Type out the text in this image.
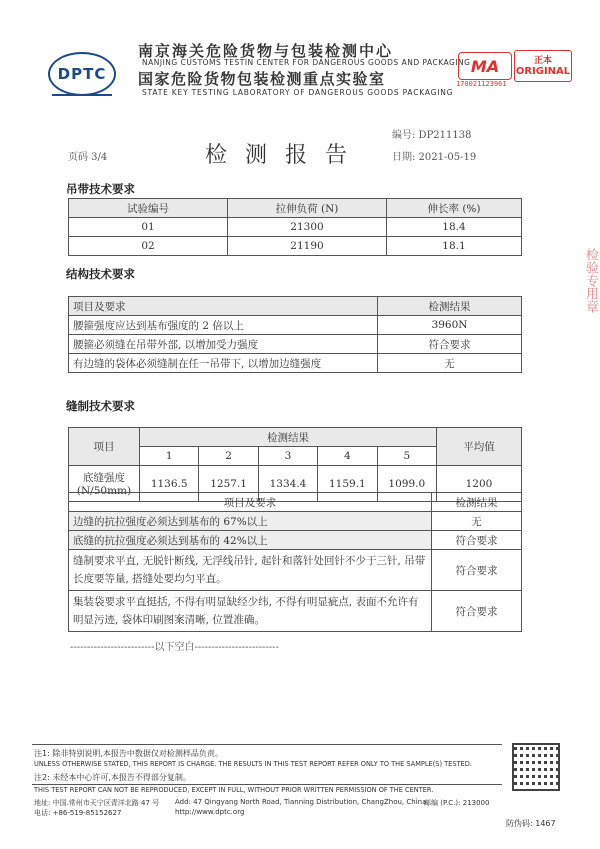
DPTC
南京海关危险货物与包装检测中心
NANJING CUSTOMS TESTIN CENTER FOR DANGEROUS GOODS AND PACKAGING
国家危险货物包装检测重点实验室
STATE KEY TESTING LABORATORY OF DANGEROUS GOODS PACKAGING
MA
170021123961
正本
ORIGINAL
编号: DP211138
页码 3/4	检测报告	日期: 2021-05-19
吊带技术要求
试验编号	拉伸负荷 (N)	伸长率 (%)
01	21300	18.4
02	21190	18.1
结构技术要求
项目及要求	检测结果
腰箍强度应达到基布强度的 2 倍以上	3960N
腰箍必须缝在吊带外部, 以增加受力强度	符合要求
有边缝的袋体必须缝制在任一吊带下, 以增加边缝强度	无
缝制技术要求
项目	检测结果					平均值
	1	2	3	4	5	

底缝强度
(N/50mm)	1136.5	1257.1	1334.4	1159.1	1099.0	1200
项目及要求	检测结果
边缝的抗拉强度必须达到基布的 67%以上	无
底缝的抗拉强度必须达到基布的 42%以上	符合要求
缝制要求平直, 无脱针断线, 无浮线吊针, 起针和落针处回针不少于三针, 吊带长度要等量, 搭缝处要均匀平直。	符合要求
集装袋要求平直挺括, 不得有明显缺经少纬, 不得有明显疵点, 表面不允许有明显污迹, 袋体印刷图案清晰, 位置准确。	符合要求
-------------------------以下空白-------------------------
检验专用章
注1: 除非特别说明,本报告中数据仅对检测样品负责。
UNLESS OTHERWISE STATED, THIS REPORT IS CHARGE. THE RESULTS IN THIS TEST REPORT REFER ONLY TO THE SAMPLE(S) TESTED.
注2: 未经本中心许可,本报告不得部分复制。
THIS TEST REPORT CAN NOT BE REPRODUCED, EXCEPT IN FULL, WITHOUT PRIOR WRITTEN PERMISSION OF THE CENTER.
地址: 中国.常州市天宁区青洋北路 47 号 Add: 47 Qingyang North Road, Tianning Distribution, ChangZhou, China
邮编 (P.C.): 213000
电话: +86-519-85152627	http://www.dptc.org
防伪码: 1467
